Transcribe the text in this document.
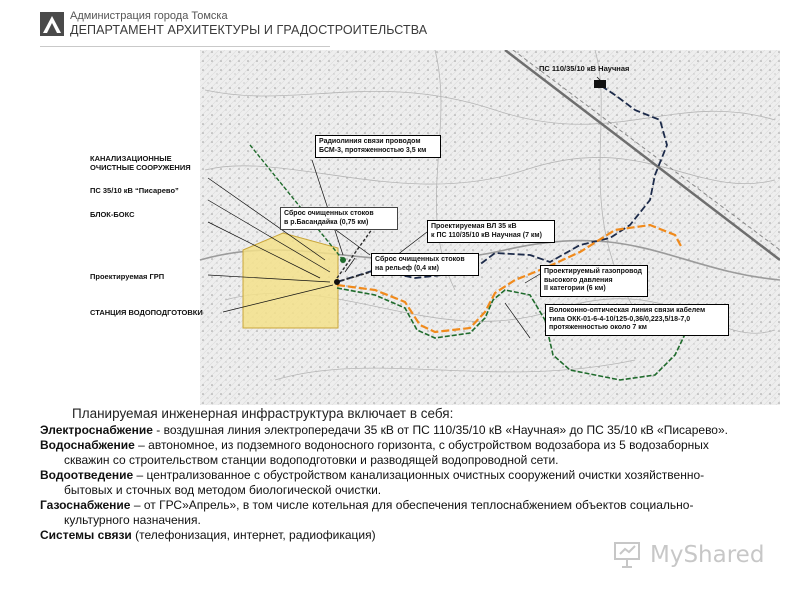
Администрация города Томска
ДЕПАРТАМЕНТ АРХИТЕКТУРЫ И ГРАДОСТРОИТЕЛЬСТВА
ПС 110/35/10 кВ Научная
Радиолиния связи проводом
БСМ-3, протяженностью 3,5 км
КАНАЛИЗАЦИОННЫЕ
ОЧИСТНЫЕ СООРУЖЕНИЯ
ПС 35/10 кВ “Писарево”
БЛОК-БОКС	Сброс очищенных стоков
в р.Басандайка (0,75 км)
Проектируемая ВЛ 35 кВ
к ПС 110/35/10 кВ Научная (7 км)
Сброс очищенных стоков
на рельеф (0,4 км)
Проектируемая ГРП
Проектируемый газопровод
высокого давления
II категории (6 км)
СТАНЦИЯ ВОДОПОДГОТОВКИ	Волоконно-оптическая линия связи кабелем
типа ОКК-01-6-4-10/125-0,36/0,223,5/18-7,0
протяженностью около 7 км
Планируемая инженерная инфраструктура включает в себя:
Электроснабжение - воздушная линия электропередачи 35 кВ от ПС 110/35/10 кВ «Научная» до ПС 35/10 кВ «Писарево».
Водоснабжение – автономное, из подземного водоносного горизонта, с обустройством водозабора из 5 водозаборных
скважин со строительством станции водоподготовки и разводящей водопроводной сети.
Водоотведение – централизованное с обустройством канализационных очистных сооружений очистки хозяйственно-
бытовых и сточных вод методом биологической очистки.
Газоснабжение – от ГРС»Апрель», в том числе котельная для обеспечения теплоснабжением объектов социально-
культурного назначения.
Системы связи (телефонизация, интернет, радиофикация)
MyShared
